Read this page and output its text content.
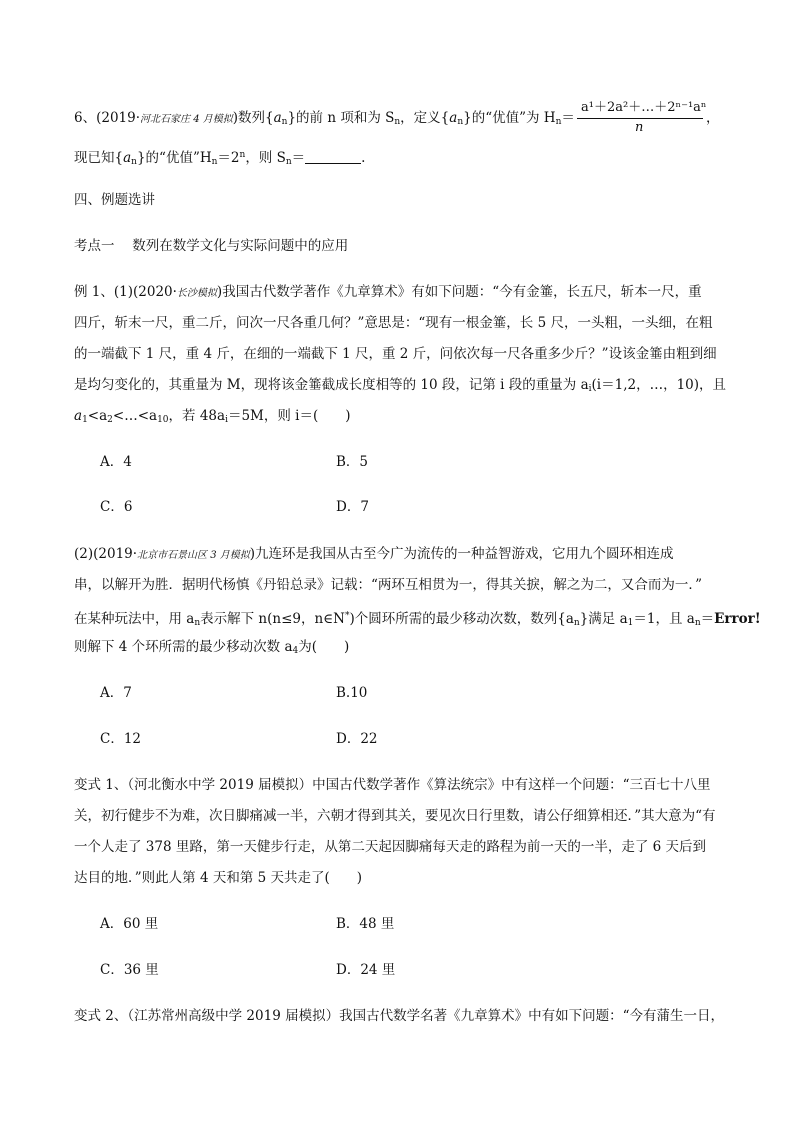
6、(2019·河北石家庄 4 月模拟)数列$\{a_n\}$的前 n 项和为 $S_n$，定义$\{a_n\}$的“优值”为 $H_n=$
a¹＋2a²＋…＋2ⁿ⁻¹aⁿ
n
，
现已知$\{a_n\}$的“优值$”H_n=2^n$，则 $S_n=$	.
四、例题选讲
考点一　 数列在数学文化与实际问题中的应用
例 1、(1)(2020·长沙模拟)我国古代数学著作《九章算术》有如下问题：“今有金箠，长五尺，斩本一尺，重
四斤，斩末一尺，重二斤，问次一尺各重几何？”意思是：“现有一根金箠，长 5 尺，一头粗，一头细，在粗
的一端截下 1 尺，重 4 斤，在细的一端截下 1 尺，重 2 斤，问依次每一尺各重多少斤？”设该金箠由粗到细
是均匀变化的，其重量为 M，现将该金箠截成长度相等的 10 段，记第 i 段的重量为 $a_i(i=1,2$，…，10)，且
$a_1<a_2<\dots<a_{10}$，若 $48a_i=5M$，则 i＝(　　)
A．4	B．5
C．6	D．7
(2)(2019·北京市石景山区 3 月模拟)九连环是我国从古至今广为流传的一种益智游戏，它用九个圆环相连成
串，以解开为胜．据明代杨慎《丹铅总录》记载：“两环互相贯为一，得其关捩，解之为二，又合而为一．”
在某种玩法中，用 $a_n$表示解下 n(n≤9，n∈N*)个圆环所需的最少移动次数，数列$\{a_n\}$满足 $a_1=1$，且 $a_n=Error$!
则解下 4 个环所需的最少移动次数 $a_4$为(　　)
A．7	B.10
C．12	D．22
变式 1、（河北衡水中学 2019 届模拟）中国古代数学著作《算法统宗》中有这样一个问题：“三百七十八里
关，初行健步不为难，次日脚痛减一半，六朝才得到其关，要见次日行里数，请公仔细算相还．”其大意为“有
一个人走了 378 里路，第一天健步行走，从第二天起因脚痛每天走的路程为前一天的一半，走了 6 天后到
达目的地．”则此人第 4 天和第 5 天共走了(　　)
A．60 里	B．48 里
C．36 里	D．24 里
变式 2、（江苏常州高级中学 2019 届模拟）我国古代数学名著《九章算术》中有如下问题：“今有蒲生一日，
